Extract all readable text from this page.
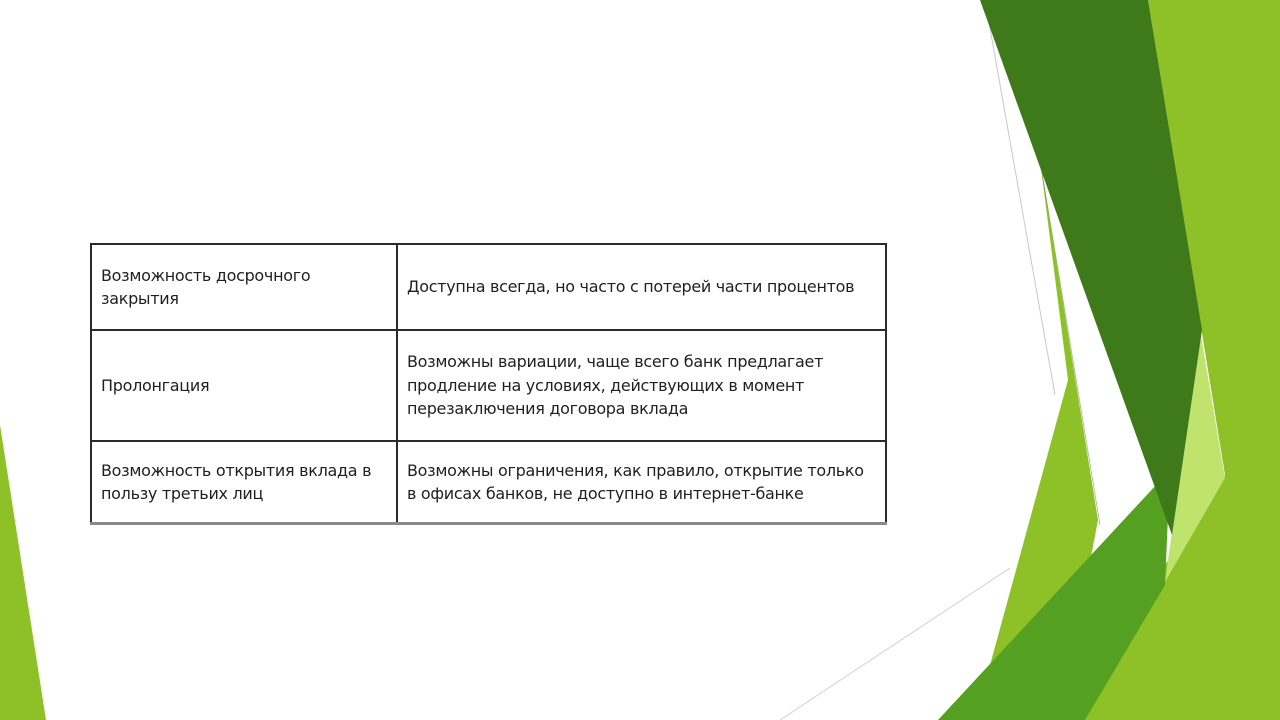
Возможность досрочного закрытия	Доступна всегда, но часто с потерей части процентов
Пролонгация	Возможны вариации, чаще всего банк предлагает продление на условиях, действующих в момент перезаключения договора вклада
Возможность открытия вклада в пользу третьих лиц	Возможны ограничения, как правило, открытие только в офисах банков, не доступно в интернет-банке
